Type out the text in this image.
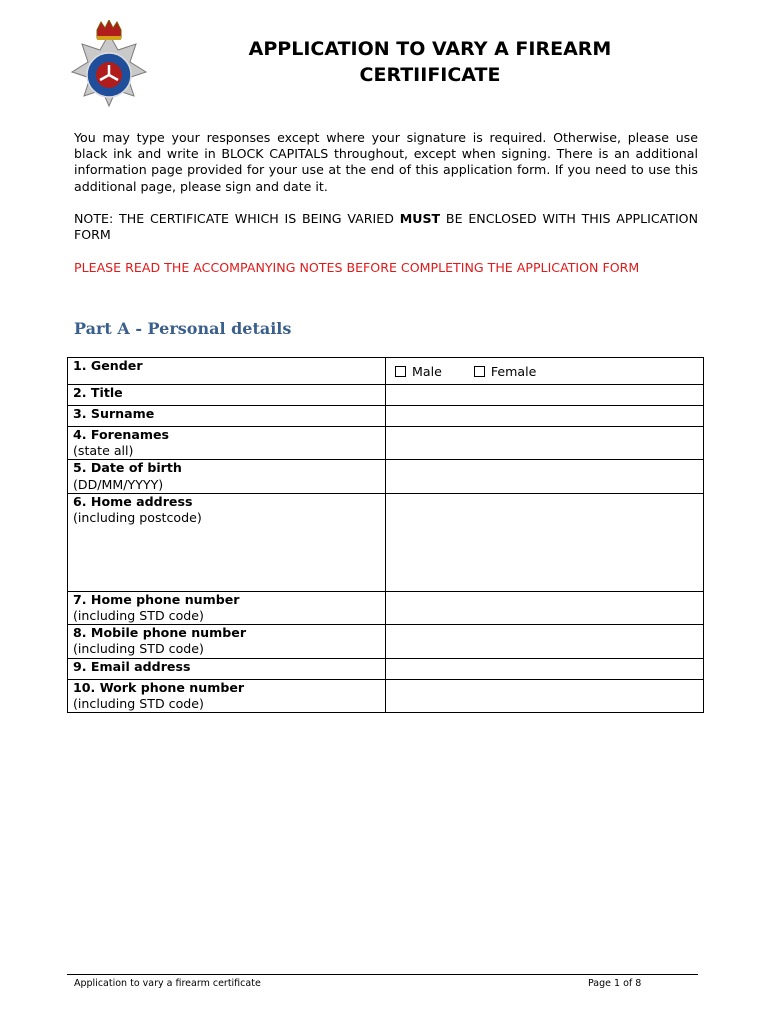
APPLICATION TO VARY A FIREARM
CERTIIFICATE
You may type your responses except where your signature is required. Otherwise, please use black ink and write in BLOCK CAPITALS throughout, except when signing. There is an additional information page provided for your use at the end of this application form. If you need to use this additional page, please sign and date it.
NOTE: THE CERTIFICATE WHICH IS BEING VARIED MUST BE ENCLOSED WITH THIS APPLICATION FORM
PLEASE READ THE ACCOMPANYING NOTES BEFORE COMPLETING THE APPLICATION FORM
Part A - Personal details
1. Gender	Male Female
2. Title	
3. Surname	
4. Forenames
(state all)	
5. Date of birth
(DD/MM/YYYY)	
6. Home address
(including postcode)	
7. Home phone number
(including STD code)	
8. Mobile phone number
(including STD code)	
9. Email address	
10. Work phone number
(including STD code)	
Application to vary a firearm certificate	Page 1 of 8
